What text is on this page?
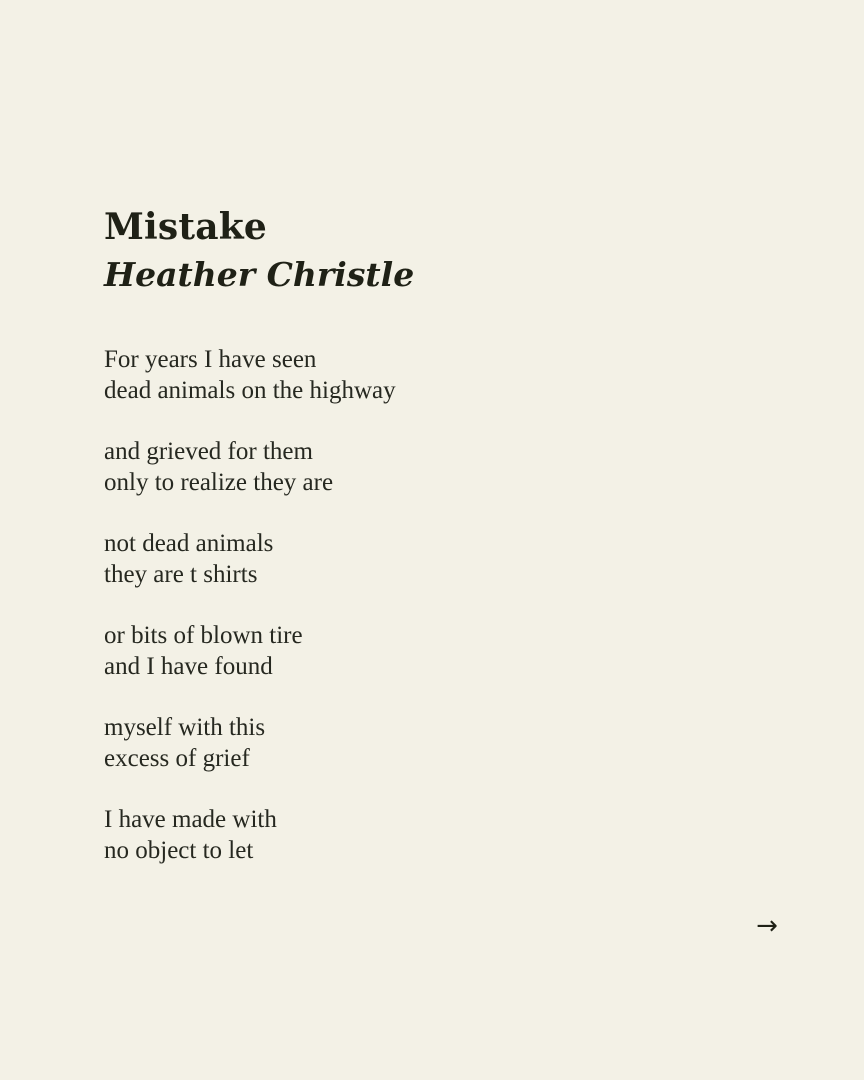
Mistake
Heather Christle
For years I have seen
dead animals on the highway
and grieved for them
only to realize they are
not dead animals
they are t shirts
or bits of blown tire
and I have found
myself with this
excess of grief
I have made with
no object to let
→
